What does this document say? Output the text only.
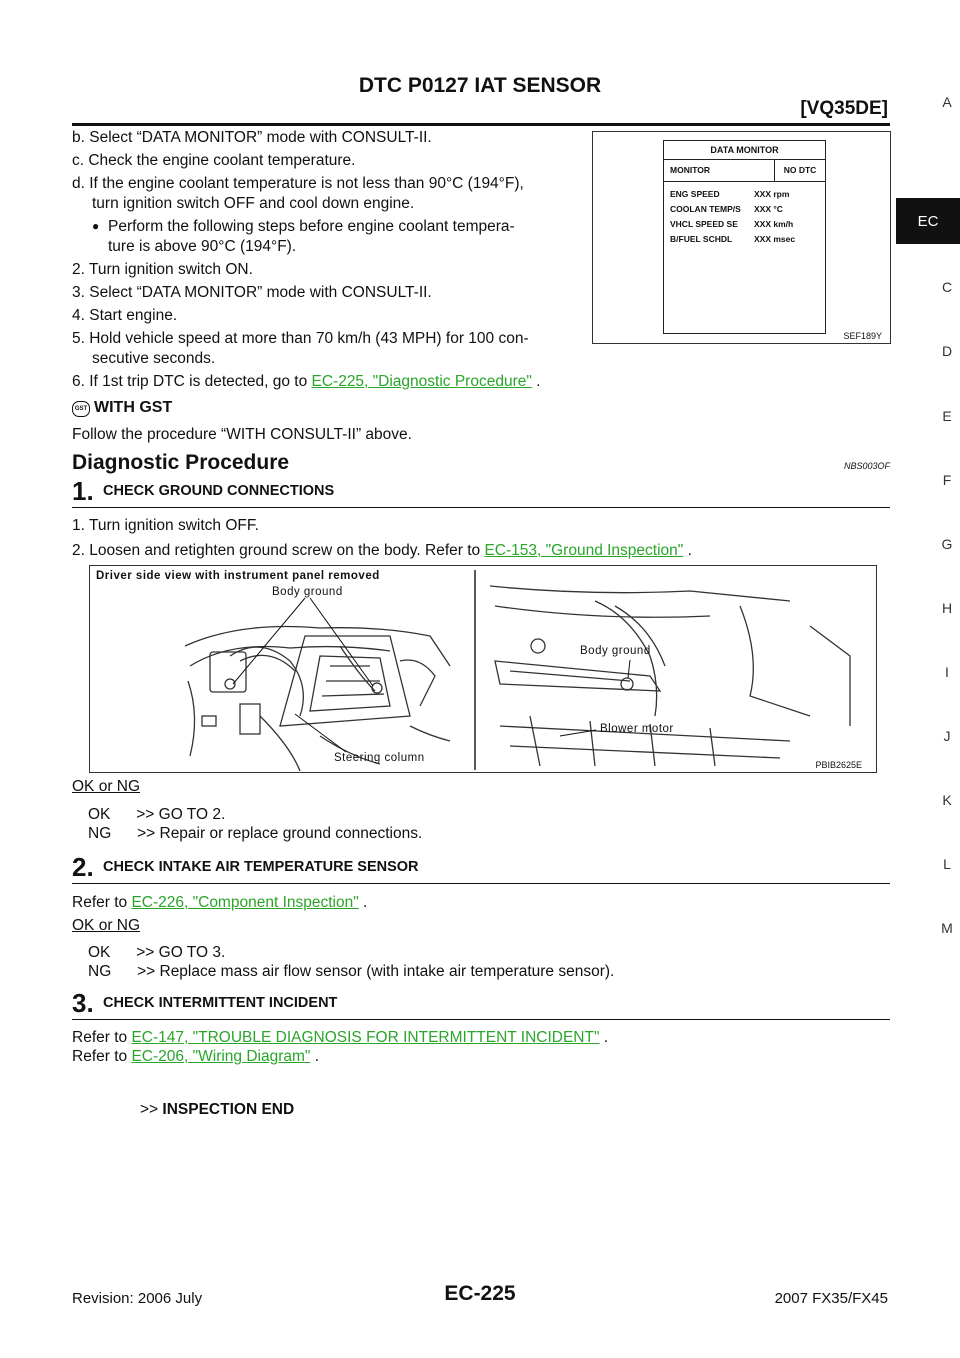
DTC P0127 IAT SENSOR
[VQ35DE]	A
EC
C
D
E
F
G
H
I
J
K
L
M
b. Select “DATA MONITOR” mode with CONSULT-II.
c. Check the engine coolant temperature.
d. If the engine coolant temperature is not less than 90°C (194°F),
turn ignition switch OFF and cool down engine.
● Perform the following steps before engine coolant tempera-
ture is above 90°C (194°F).
2. Turn ignition switch ON.
3. Select “DATA MONITOR” mode with CONSULT-II.
4. Start engine.
5. Hold vehicle speed at more than 70 km/h (43 MPH) for 100 con-
secutive seconds.
6. If 1st trip DTC is detected, go to EC-225, "Diagnostic Procedure" .
DATA MONITOR
MONITOR	NO DTC
ENG SPEED	XXX rpm
COOLAN TEMP/S	XXX °C
VHCL SPEED SE	XXX km/h
B/FUEL SCHDL	XXX msec
SEF189Y
GST WITH GST
Follow the procedure “WITH CONSULT-II” above.
Diagnostic Procedure	NBS003OF
1. CHECK GROUND CONNECTIONS
1. Turn ignition switch OFF.
2. Loosen and retighten ground screw on the body. Refer to EC-153, "Ground Inspection" .
Driver side view with instrument panel removed
Body ground
Steering column
Body ground
Blower motor
PBIB2625E
OK or NG
OK      >> GO TO 2.
NG      >> Repair or replace ground connections.
2. CHECK INTAKE AIR TEMPERATURE SENSOR
Refer to EC-226, "Component Inspection" .
OK or NG
OK      >> GO TO 3.
NG      >> Replace mass air flow sensor (with intake air temperature sensor).
3. CHECK INTERMITTENT INCIDENT
Refer to EC-147, "TROUBLE DIAGNOSIS FOR INTERMITTENT INCIDENT" .
Refer to EC-206, "Wiring Diagram" .
>> INSPECTION END
Revision: 2006 July	EC-225	2007 FX35/FX45
